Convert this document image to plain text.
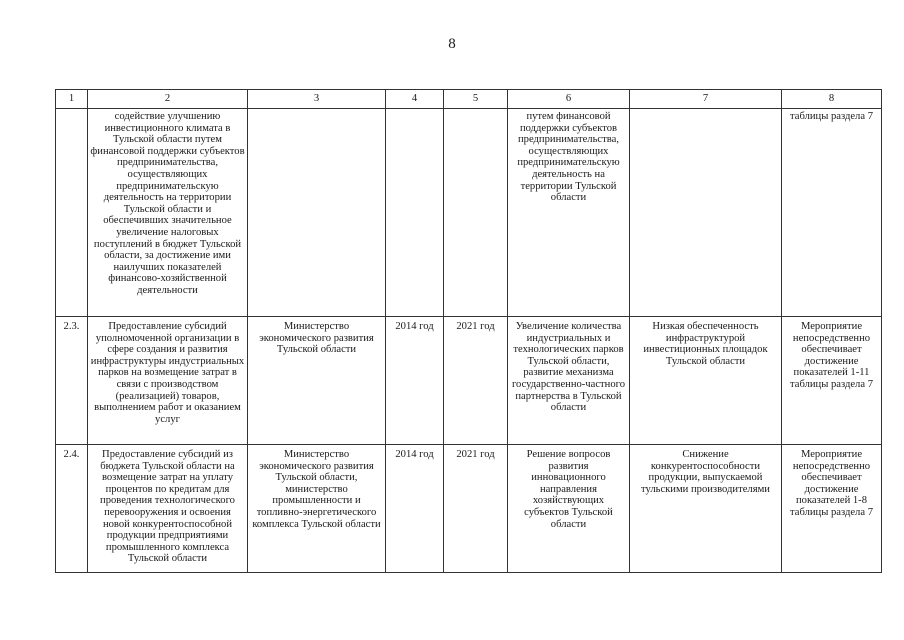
8
1	2	3	4	5	6	7	8
	содействие улучшению инвестиционного климата в Тульской области путем финансовой поддержки субъектов предпринимательства, осуществляющих предпринимательскую деятельность на территории Тульской области и обеспечивших значительное увеличение налоговых поступлений в бюджет Тульской области, за достижение ими наилучших показателей финансово-хозяйственной деятельности				путем финансовой поддержки субъектов предпринимательства, осуществляющих предпринимательскую деятельность на территории Тульской области		таблицы раздела 7
2.3.	Предоставление субсидий уполномоченной организации в сфере создания и развития инфраструктуры индустриальных парков на возмещение затрат в связи с производством (реализацией) товаров, выполнением работ и оказанием услуг	Министерство экономического развития Тульской области	2014 год	2021 год	Увеличение количества индустриальных и технологических парков Тульской области, развитие механизма государственно-частного партнерства в Тульской области	Низкая обеспеченность инфраструктурой инвестиционных площадок Тульской области	Мероприятие непосредственно обеспечивает достижение показателей 1-11 таблицы раздела 7
2.4.	Предоставление субсидий из бюджета Тульской области на возмещение затрат на уплату процентов по кредитам для проведения технологического перевооружения и освоения новой конкурентоспособной продукции предприятиями промышленного комплекса Тульской области	Министерство экономического развития Тульской области, министерство промышленности и топливно-энергетического комплекса Тульской области	2014 год	2021 год	Решение вопросов развития инновационного направления хозяйствующих субъектов Тульской области	Снижение конкурентоспособности продукции, выпускаемой тульскими производителями	Мероприятие непосредственно обеспечивает достижение показателей 1-8 таблицы раздела 7
